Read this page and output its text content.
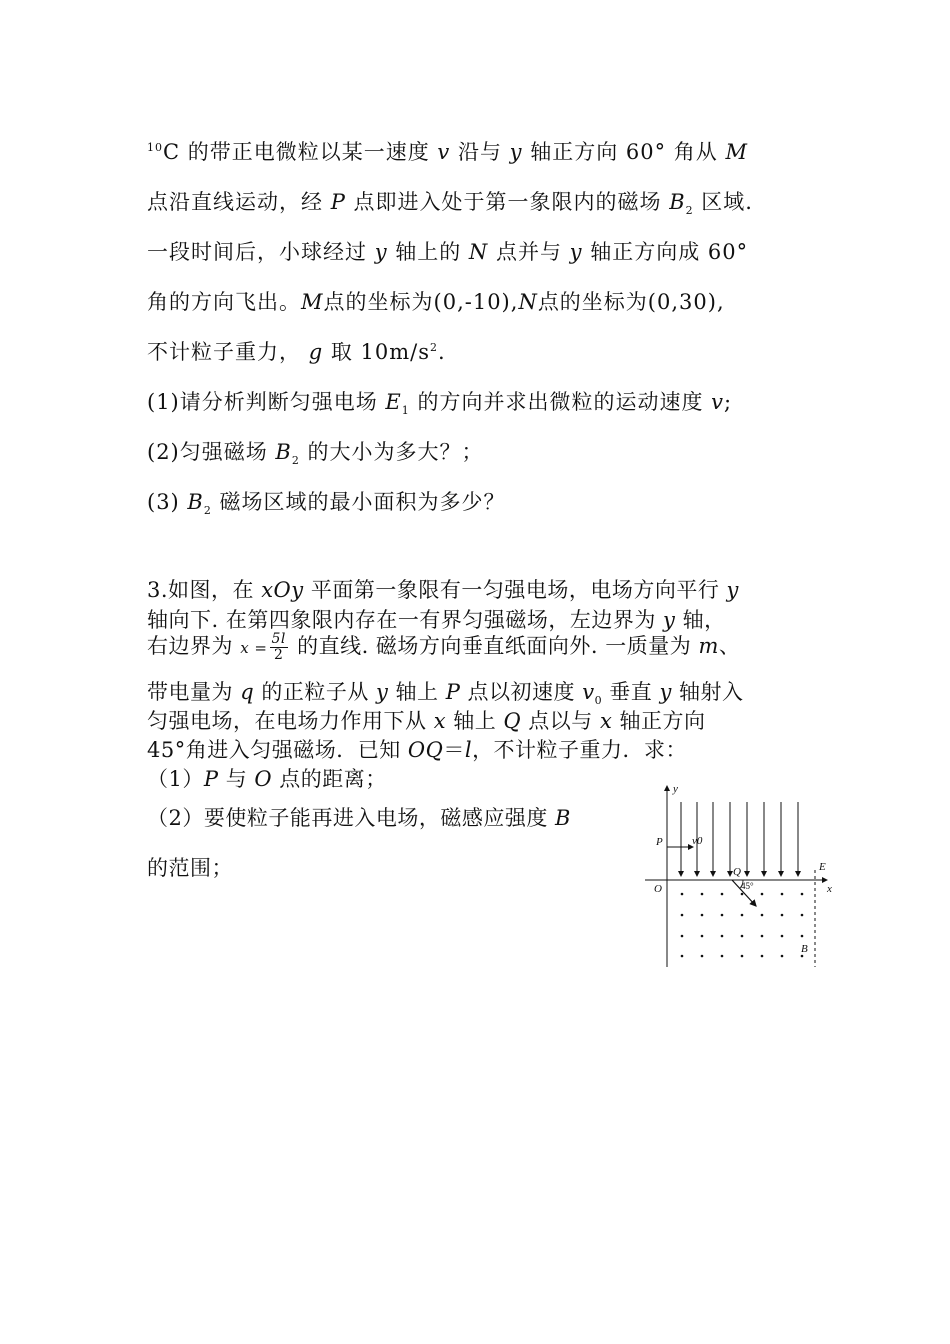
$^{10}$C 的带正电微粒以某一速度 v 沿与 y 轴正方向 60° 角从 M
点沿直线运动，经 P 点即进入处于第一象限内的磁场 $B_2$ 区域.
一段时间后，小球经过 y 轴上的 N 点并与 y 轴正方向成 60°
角的方向飞出。M点的坐标为(0,-10),N点的坐标为(0,30),
不计粒子重力， g 取 $10m/s^2$.
(1)请分析判断匀强电场 $E_1$ 的方向并求出微粒的运动速度 v;
(2)匀强磁场 $B_2$ 的大小为多大？；
(3) $B_2$ 磁场区域的最小面积为多少？
3.如图，在 xOy 平面第一象限有一匀强电场，电场方向平行 y
轴向下. 在第四象限内存在一有界匀强磁场，左边界为 y 轴，
右边界为 $x = \frac{5l}{2}$ 的直线. 磁场方向垂直纸面向外. 一质量为 m、
带电量为 q 的正粒子从 y 轴上 P 点以初速度 $v_0$ 垂直 y 轴射入
匀强电场，在电场力作用下从 x 轴上 Q 点以与 x 轴正方向
45°角进入匀强磁场．已知 OQ＝l，不计粒子重力．求：
（1）P 与 O 点的距离；
（2）要使粒子能再进入电场，磁感应强度 B
的范围；
y
x
O
P	v0
Q
45°
E
B
